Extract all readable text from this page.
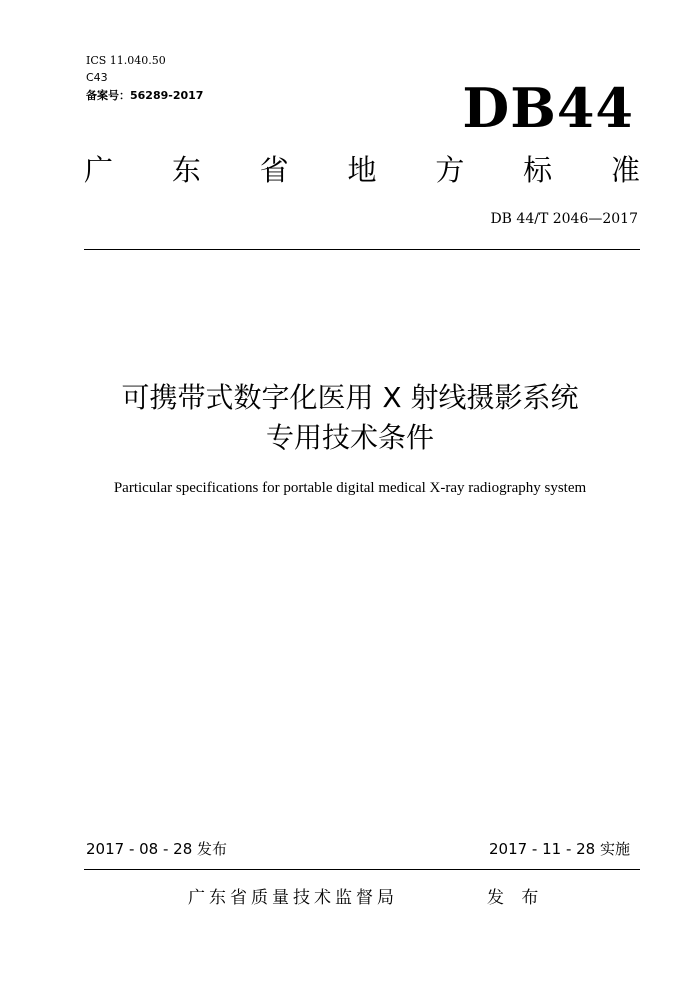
ICS 11.040.50
C43
备案号：56289-2017	DB44
广 东 省 地 方 标 准
DB 44/T 2046—2017
可携带式数字化医用 X 射线摄影系统
专用技术条件
Particular specifications for portable digital medical X-ray radiography system
2017 - 08 - 28 发布	2017 - 11 - 28 实施
广东省质量技术监督局	发 布
